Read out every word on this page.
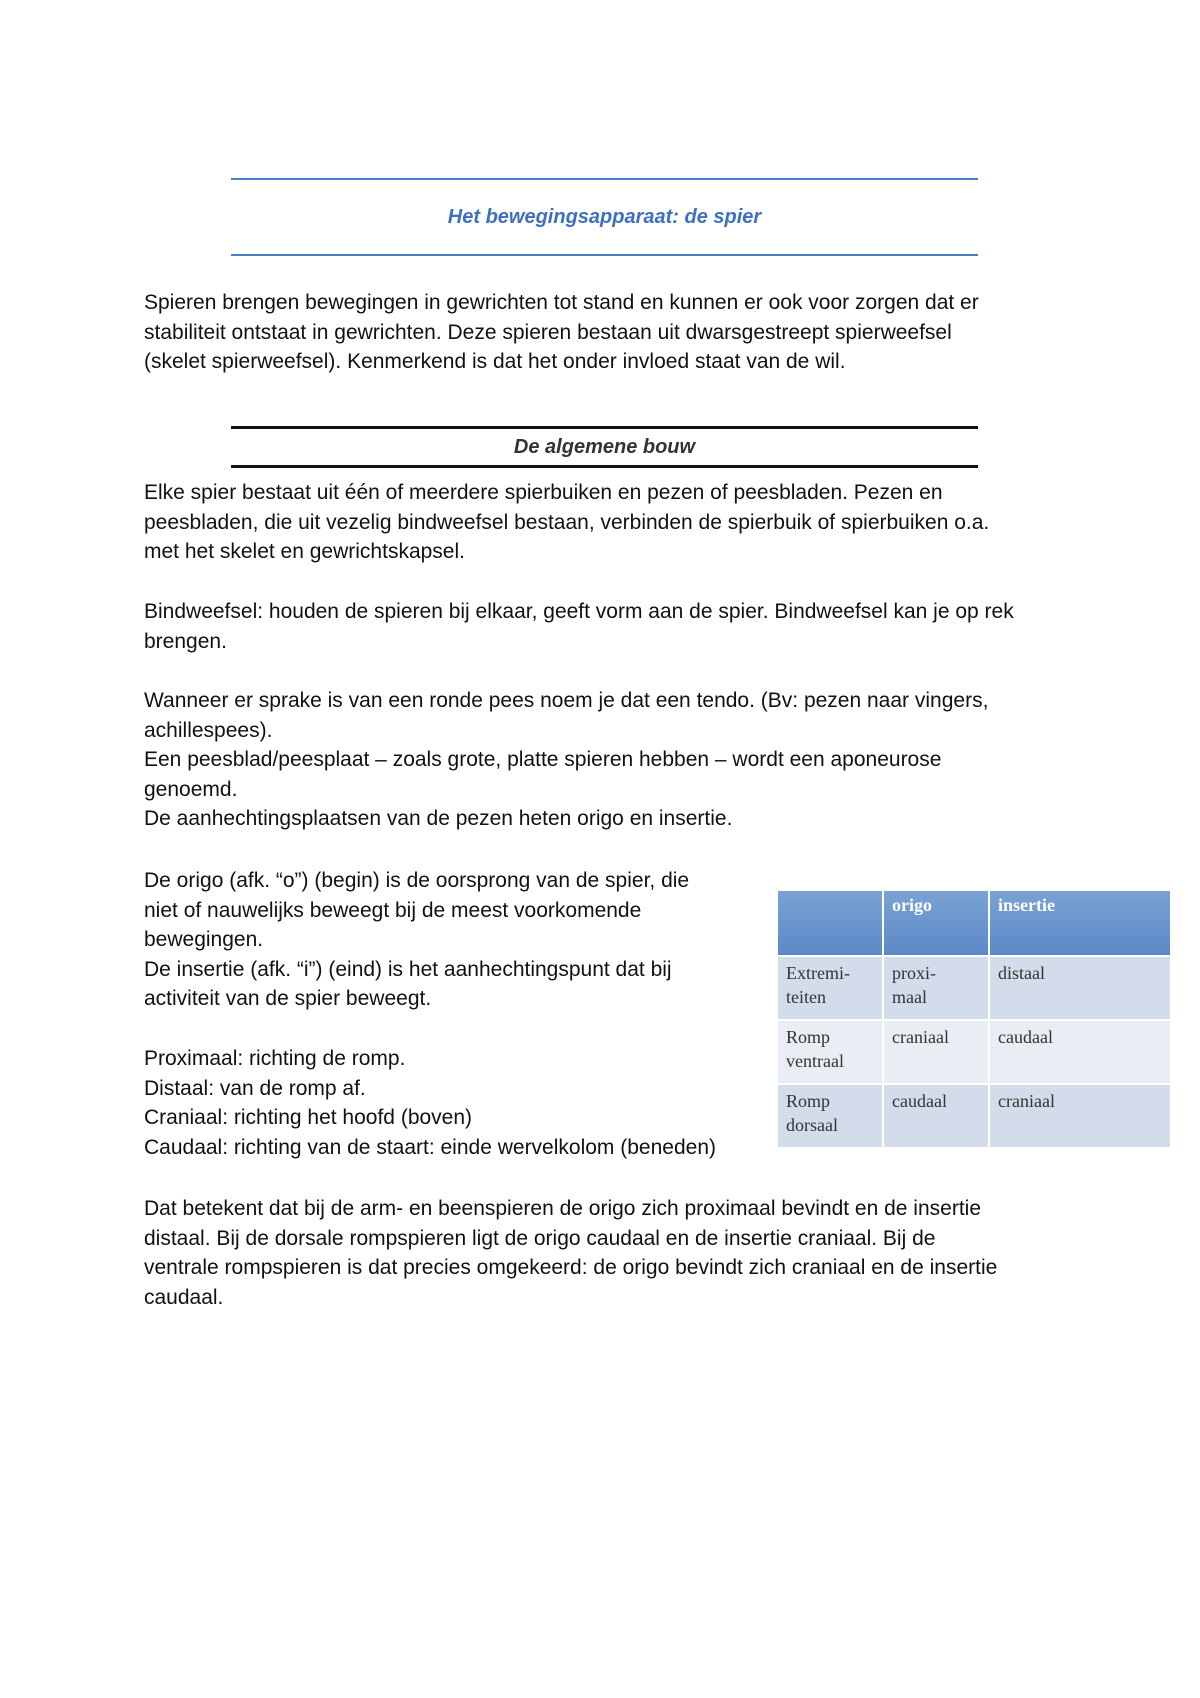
Het bewegingsapparaat: de spier

Spieren brengen bewegingen in gewrichten tot stand en kunnen er ook voor zorgen dat er
stabiliteit ontstaat in gewrichten. Deze spieren bestaan uit dwarsgestreept spierweefsel
(skelet spierweefsel). Kenmerkend is dat het onder invloed staat van de wil.

De algemene bouw

Elke spier bestaat uit één of meerdere spierbuiken en pezen of peesbladen. Pezen en
peesbladen, die uit vezelig bindweefsel bestaan, verbinden de spierbuik of spierbuiken o.a.
met het skelet en gewrichtskapsel.

Bindweefsel: houden de spieren bij elkaar, geeft vorm aan de spier. Bindweefsel kan je op rek
brengen.

Wanneer er sprake is van een ronde pees noem je dat een tendo. (Bv: pezen naar vingers,
achillespees).
Een peesblad/peesplaat – zoals grote, platte spieren hebben – wordt een aponeurose
genoemd.
De aanhechtingsplaatsen van de pezen heten origo en insertie.

De origo (afk. “o”) (begin) is de oorsprong van de spier, die
niet of nauwelijks beweegt bij de meest voorkomende
bewegingen.
De insertie (afk. “i”) (eind) is het aanhechtingspunt dat bij
activiteit van de spier beweegt.

Proximaal: richting de romp.
Distaal: van de romp af.
Craniaal: richting het hoofd (boven)
Caudaal: richting van de staart: einde wervelkolom (beneden)

Dat betekent dat bij de arm- en beenspieren de origo zich proximaal bevindt en de insertie
distaal. Bij de dorsale rompspieren ligt de origo caudaal en de insertie craniaal. Bij de
ventrale rompspieren is dat precies omgekeerd: de origo bevindt zich craniaal en de insertie
caudaal.

	origo	insertie

Extremi-
teiten	proxi-
maal	distaal

Romp
ventraal	craniaal	caudaal

Romp
dorsaal	caudaal	craniaal
